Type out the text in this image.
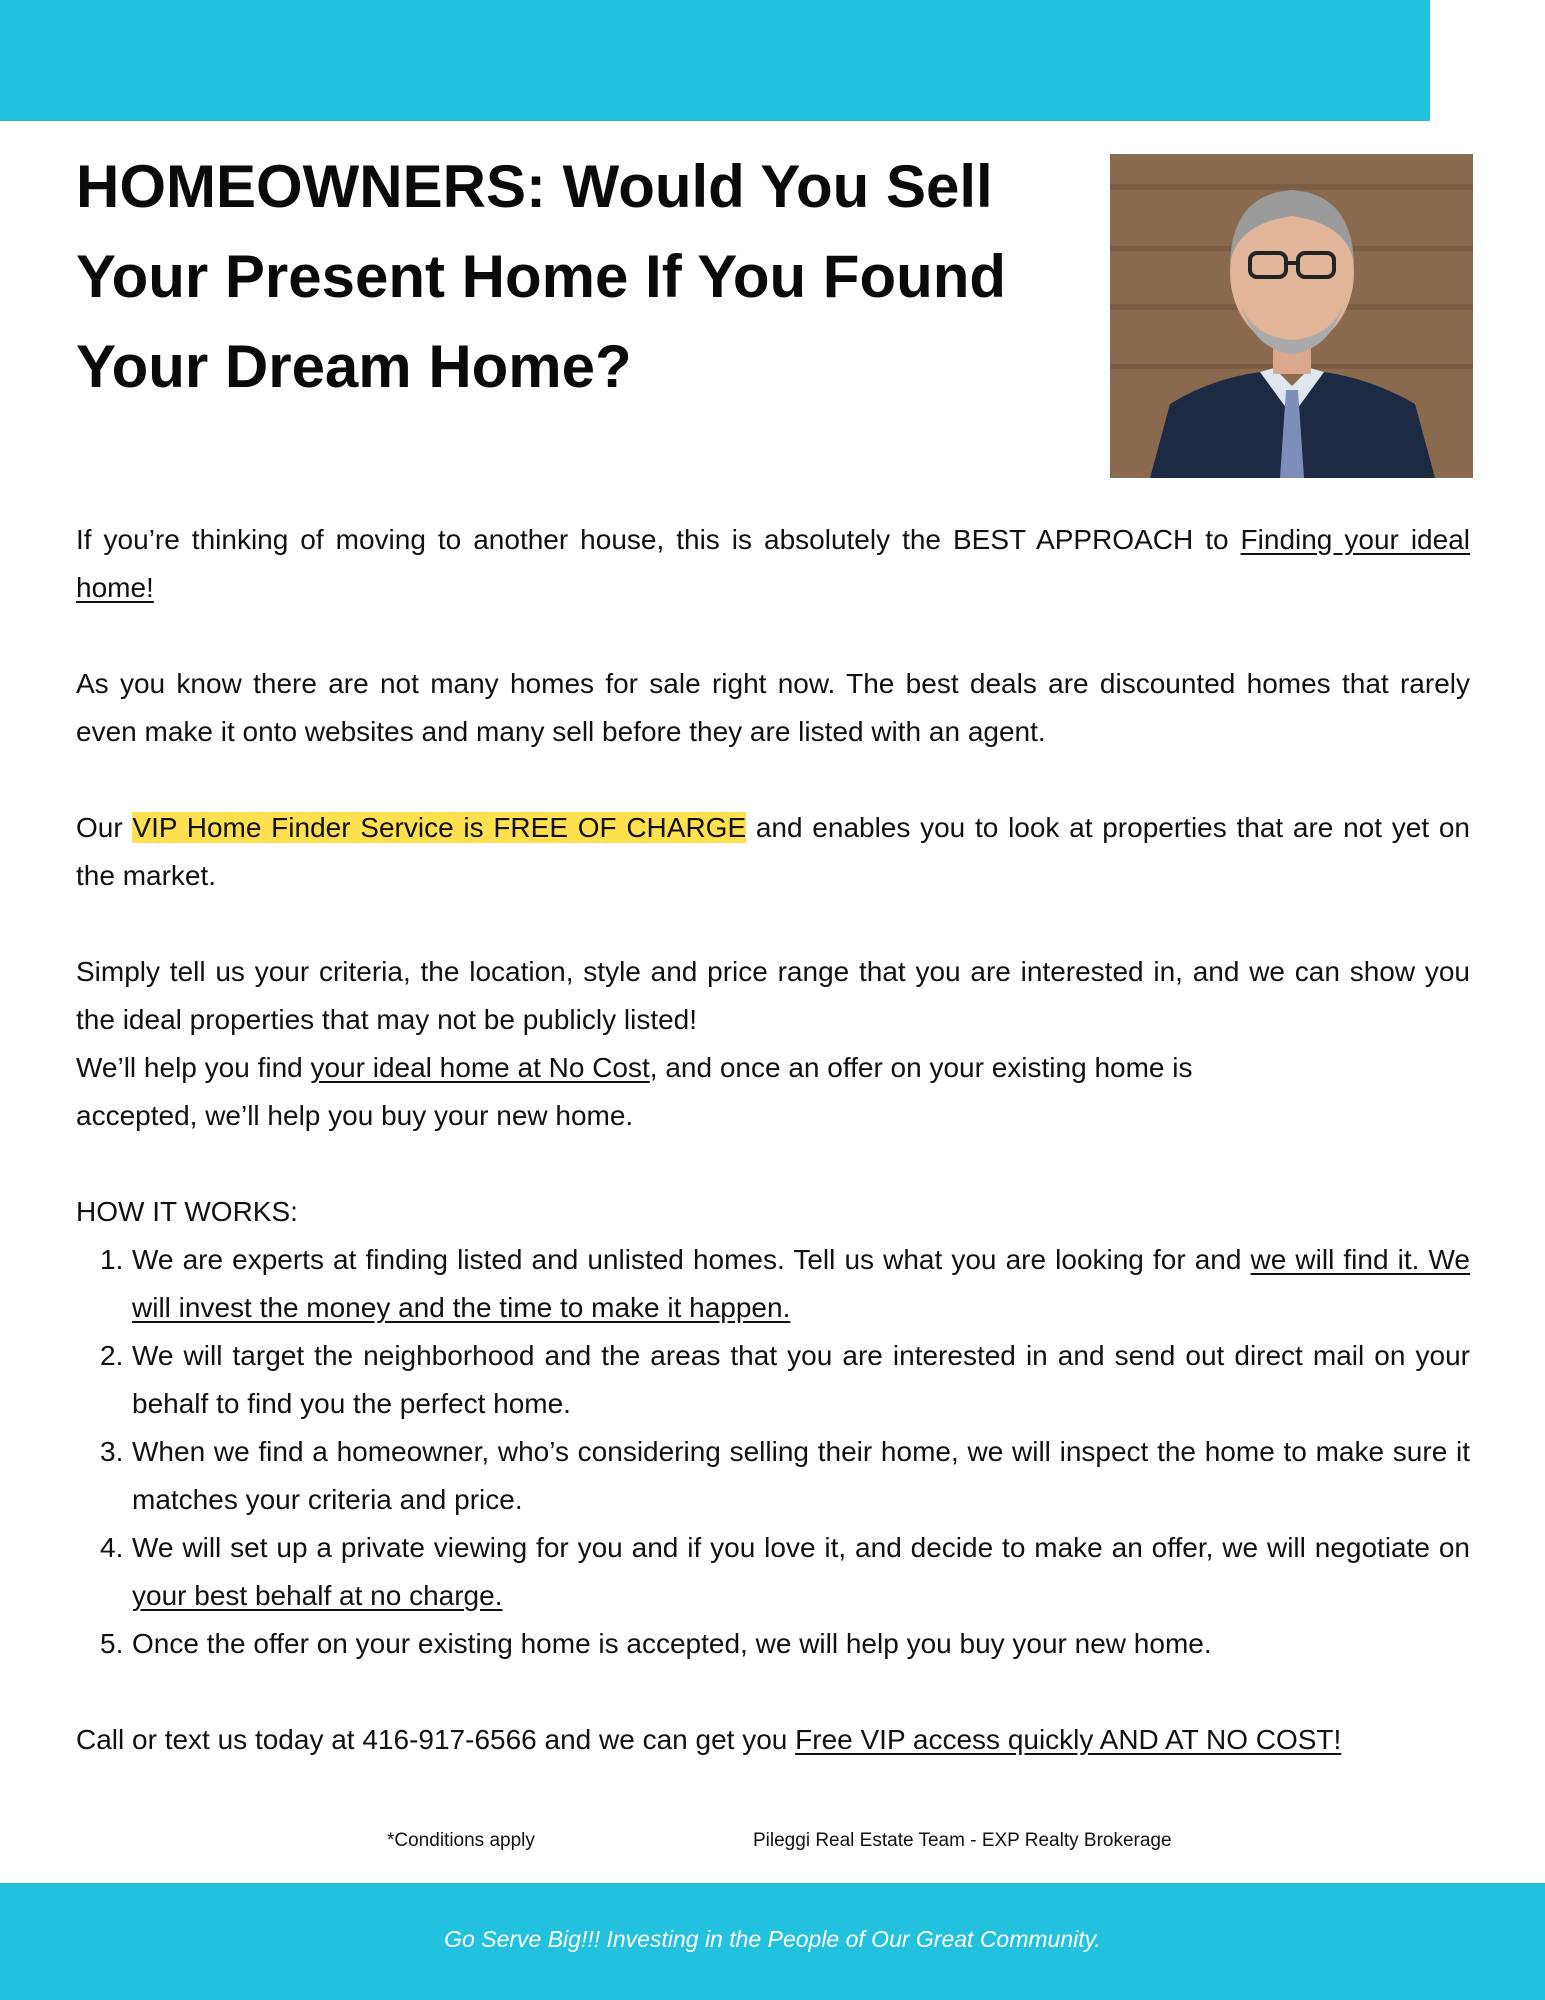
HOMEOWNERS: Would You Sell Your Present Home If You Found Your Dream Home?

If you’re thinking of moving to another house, this is absolutely the BEST APPROACH to Finding your ideal home!

As you know there are not many homes for sale right now. The best deals are discounted homes that rarely even make it onto websites and many sell before they are listed with an agent.

Our VIP Home Finder Service is FREE OF CHARGE and enables you to look at properties that are not yet on the market.

Simply tell us your criteria, the location, style and price range that you are interested in, and we can show you the ideal properties that may not be publicly listed!

We’ll help you find your ideal home at No Cost, and once an offer on your existing home is
accepted, we’ll help you buy your new home.

HOW IT WORKS:

1. We are experts at finding listed and unlisted homes. Tell us what you are looking for and we will find it. We will invest the money and the time to make it happen.
2. We will target the neighborhood and the areas that you are interested in and send out direct mail on your behalf to find you the perfect home.
3. When we find a homeowner, who’s considering selling their home, we will inspect the home to make sure it matches your criteria and price.
4. We will set up a private viewing for you and if you love it, and decide to make an offer, we will negotiate on your best behalf at no charge.
5. Once the offer on your existing home is accepted, we will help you buy your new home.

Call or text us today at 416-917-6566 and we can get you Free VIP access quickly AND AT NO COST!

*Conditions apply	Pileggi Real Estate Team - EXP Realty Brokerage
Go Serve Big!!! Investing in the People of Our Great Community.
